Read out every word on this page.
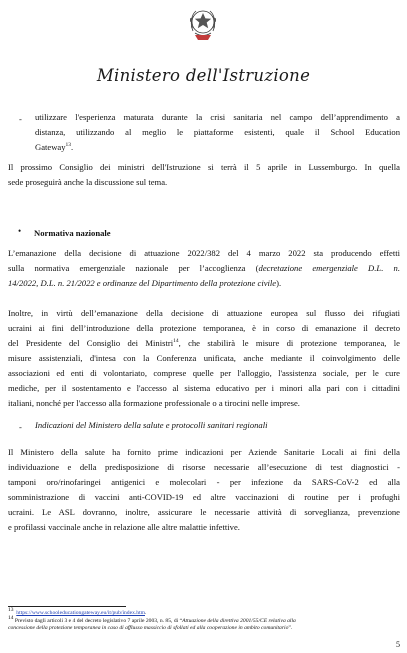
Ministero dell'Istruzione
- utilizzare l'esperienza maturata durante la crisi sanitaria nel campo dell’apprendimento a
distanza, utilizzando al meglio le piattaforme esistenti, quale il School Education
Gateway$^{13}$.
Il prossimo Consiglio dei ministri dell'Istruzione si terrà il 5 aprile in Lussemburgo. In quella
sede proseguirà anche la discussione sul tema.
• Normativa nazionale
L’emanazione della decisione di attuazione 2022/382 del 4 marzo 2022 sta producendo effetti
sulla normativa emergenziale nazionale per l’accoglienza (decretazione emergenziale D.L. n.
14/2022, D.L. n. 21/2022 e ordinanze del Dipartimento della protezione civile).
Inoltre, in virtù dell’emanazione della decisione di attuazione europea sul flusso dei rifugiati
ucraini ai fini dell’introduzione della protezione temporanea, è in corso di emanazione il decreto
del Presidente del Consiglio dei Ministri$^{14}$, che stabilirà le misure di protezione temporanea, le
misure assistenziali, d'intesa con la Conferenza unificata, anche mediante il coinvolgimento delle
associazioni ed enti di volontariato, comprese quelle per l'alloggio, l'assistenza sociale, per le cure
mediche, per il sostentamento e l'accesso al sistema educativo per i minori alla pari con i cittadini
italiani, nonché per l'accesso alla formazione professionale o a tirocini nelle imprese.
- Indicazioni del Ministero della salute e protocolli sanitari regionali
Il Ministero della salute ha fornito prime indicazioni per Aziende Sanitarie Locali ai fini della
individuazione e della predisposizione di risorse necessarie all’esecuzione di test diagnostici -
tamponi oro/rinofaringei antigenici e molecolari - per infezione da SARS-CoV-2 ed alla
somministrazione di vaccini anti-COVID-19 ed altre vaccinazioni di routine per i profughi
ucraini. Le ASL dovranno, inoltre, assicurare le necessarie attività di sorveglianza, prevenzione
e profilassi vaccinale anche in relazione alle altre malattie infettive.
$^{13}$ https://www.schooleducationgateway.eu/it/pub/index.htm.
$^{14}$ Previsto dagli articoli 3 e 4 del decreto legislativo 7 aprile 2003, n. 85, di “Attuazione della direttiva 2001/55/CE relativa alla
concessione della protezione temporanea in caso di afflusso massiccio di sfollati ed alla cooperazione in ambito comunitario”.
5
